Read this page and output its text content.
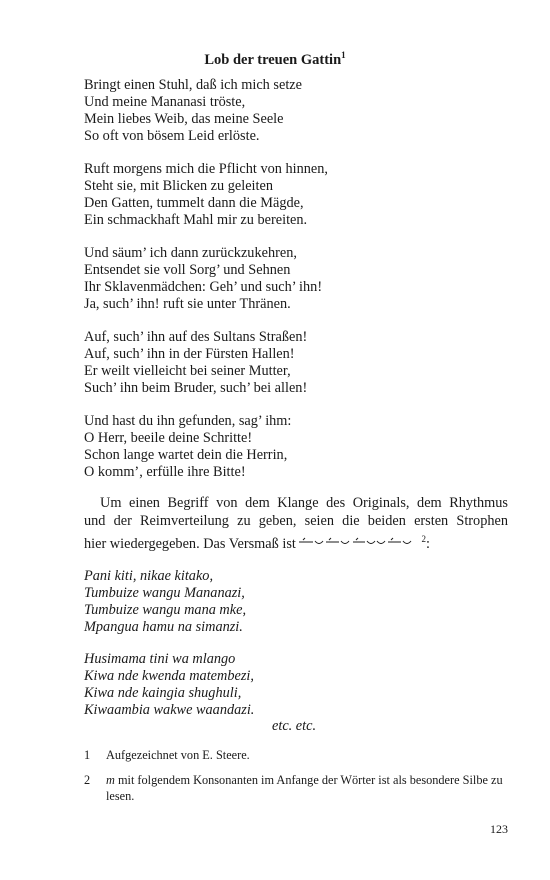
Lob der treuen Gattin$^1$
Bringt einen Stuhl, daß ich mich setze
Und meine Mananasi tröste,
Mein liebes Weib, das meine Seele
So oft von bösem Leid erlöste.
Ruft morgens mich die Pflicht von hinnen,
Steht sie, mit Blicken zu geleiten
Den Gatten, tummelt dann die Mägde,
Ein schmackhaft Mahl mir zu bereiten.
Und säum’ ich dann zurückzukehren,
Entsendet sie voll Sorg’ und Sehnen
Ihr Sklavenmädchen: Geh’ und such’ ihn!
Ja, such’ ihn! ruft sie unter Thränen.
Auf, such’ ihn auf des Sultans Straßen!
Auf, such’ ihn in der Fürsten Hallen!
Er weilt vielleicht bei seiner Mutter,
Such’ ihn beim Bruder, such’ bei allen!
Und hast du ihn gefunden, sag’ ihm:
O Herr, beeile deine Schritte!
Schon lange wartet dein die Herrin,
O komm’, erfülle ihre Bitte!
Um einen Begriff von dem Klange des Originals, dem Rhythmus
und der Reimverteilung zu geben, seien die beiden ersten Strophen
hier wiedergegeben. Das Versmaß ist	$^2$:
Pani kiti, nikae kitako,
Tumbuize wangu Mananazi,
Tumbuize wangu mana mke,
Mpangua hamu na simanzi.
Husimama tini wa mlango
Kiwa nde kwenda matembezi,
Kiwa nde kaingia shughuli,
Kiwaambia wakwe waandazi.
etc. etc.
1 Aufgezeichnet von E. Steere.
2 m mit folgendem Konsonanten im Anfange der Wörter ist als besondere Silbe zu lesen.
123
